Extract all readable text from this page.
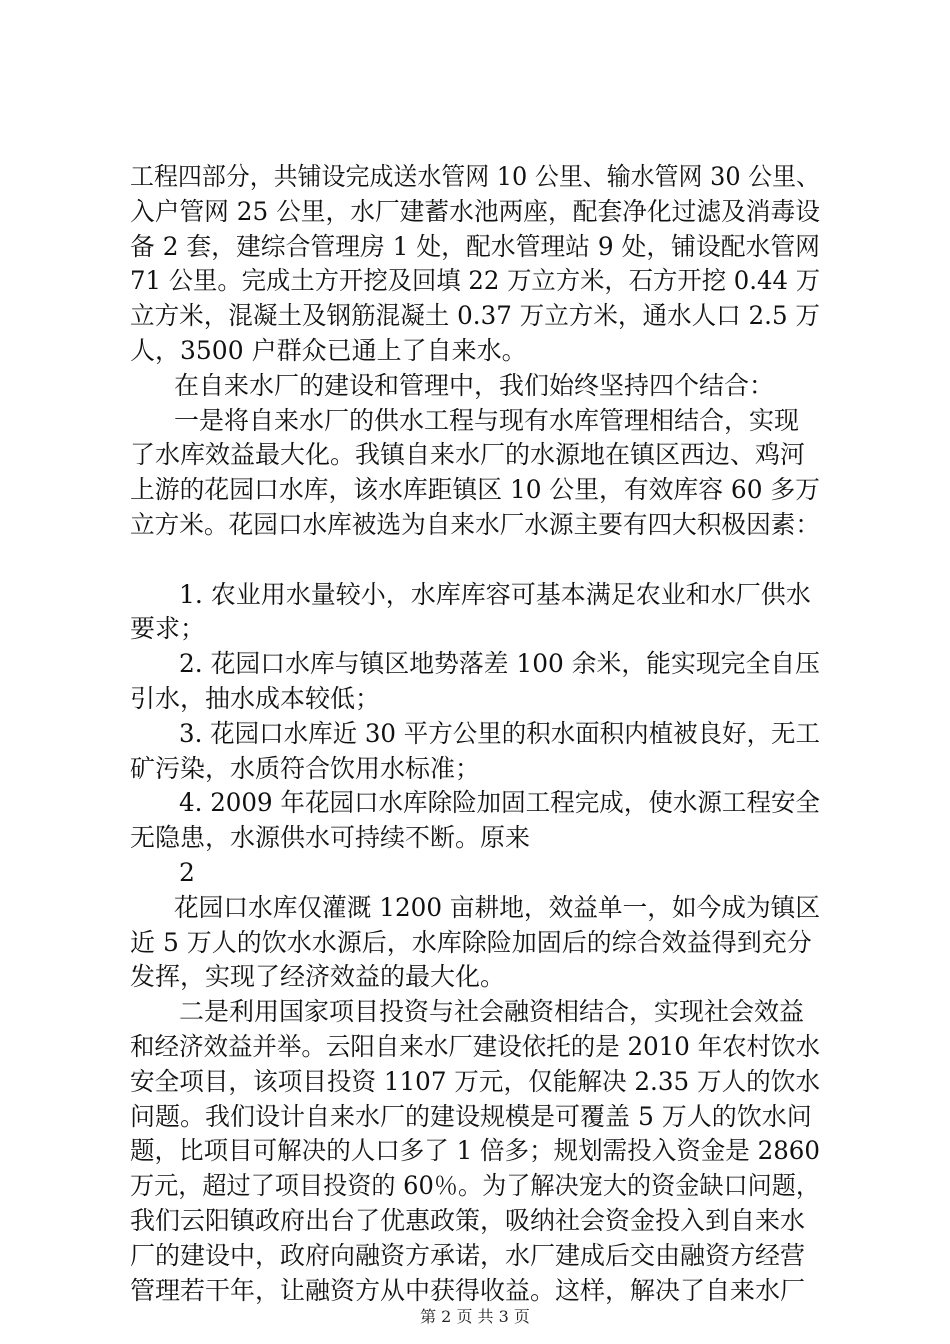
工程四部分，共铺设完成送水管网 10 公里、输水管网 30 公里、

入户管网 25 公里，水厂建蓄水池两座，配套净化过滤及消毒设

备 2 套，建综合管理房 1 处，配水管理站 9 处，铺设配水管网

71 公里。完成土方开挖及回填 22 万立方米，石方开挖 0.44 万

立方米，混凝土及钢筋混凝土 0.37 万立方米，通水人口 2.5 万

人，3500 户群众已通上了自来水。

在自来水厂的建设和管理中，我们始终坚持四个结合：

一是将自来水厂的供水工程与现有水库管理相结合，实现

了水库效益最大化。我镇自来水厂的水源地在镇区西边、鸡河

上游的花园口水库，该水库距镇区 10 公里，有效库容 60 多万

立方米。花园口水库被选为自来水厂水源主要有四大积极因素：

1. 农业用水量较小，水库库容可基本满足农业和水厂供水

要求；

2. 花园口水库与镇区地势落差 100 余米，能实现完全自压

引水，抽水成本较低；

3. 花园口水库近 30 平方公里的积水面积内植被良好，无工

矿污染，水质符合饮用水标准；

4. 2009 年花园口水库除险加固工程完成，使水源工程安全

无隐患，水源供水可持续不断。原来

2

花园口水库仅灌溉 1200 亩耕地，效益单一，如今成为镇区

近 5 万人的饮水水源后，水库除险加固后的综合效益得到充分

发挥，实现了经济效益的最大化。

二是利用国家项目投资与社会融资相结合，实现社会效益

和经济效益并举。云阳自来水厂建设依托的是 2010 年农村饮水

安全项目，该项目投资 1107 万元，仅能解决 2.35 万人的饮水

问题。我们设计自来水厂的建设规模是可覆盖 5 万人的饮水问

题，比项目可解决的人口多了 1 倍多；规划需投入资金是 2860

万元，超过了项目投资的 60％。为了解决宠大的资金缺口问题，

我们云阳镇政府出台了优惠政策，吸纳社会资金投入到自来水

厂的建设中，政府向融资方承诺，水厂建成后交由融资方经营

管理若干年，让融资方从中获得收益。这样，解决了自来水厂

第 2 页 共 3 页
